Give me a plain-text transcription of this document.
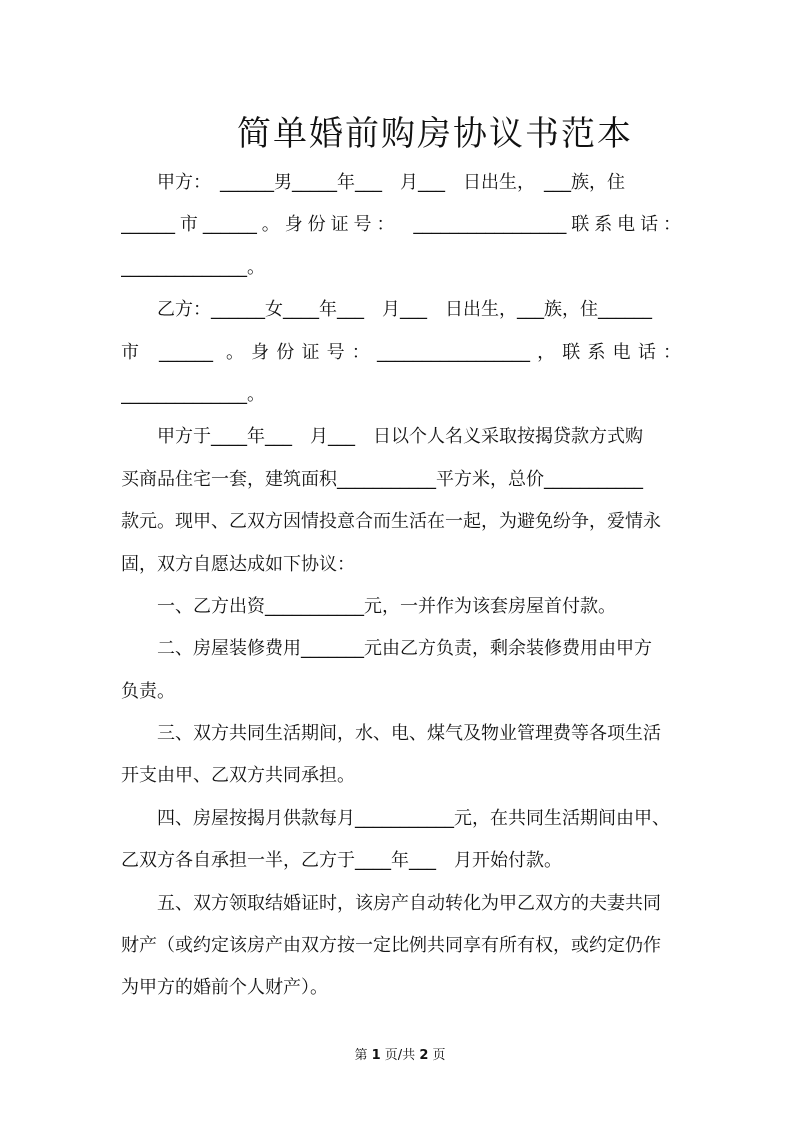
简单婚前购房协议书范本
　　甲方：　______男_____年___　月___　日出生，　___族，住
______市______。身份证号：　_________________联系电话：
______________。
　　乙方：______女____年___　月___　日出生，___族，住______
市 ______ 。身份证号：_________________，联系电话：
______________。
　　甲方于____年___　月___　日以个人名义采取按揭贷款方式购
买商品住宅一套，建筑面积___________平方米，总价___________
款元。现甲、乙双方因情投意合而生活在一起，为避免纷争，爱情永
固，双方自愿达成如下协议：
　　一、乙方出资___________元，一并作为该套房屋首付款。
　　二、房屋装修费用_______元由乙方负责，剩余装修费用由甲方
负责。
　　三、双方共同生活期间，水、电、煤气及物业管理费等各项生活
开支由甲、乙双方共同承担。
　　四、房屋按揭月供款每月___________元，在共同生活期间由甲、
乙双方各自承担一半，乙方于____年___　月开始付款。
　　五、双方领取结婚证时，该房产自动转化为甲乙双方的夫妻共同
财产（或约定该房产由双方按一定比例共同享有所有权，或约定仍作
为甲方的婚前个人财产）。
第 1 页/共 2 页
